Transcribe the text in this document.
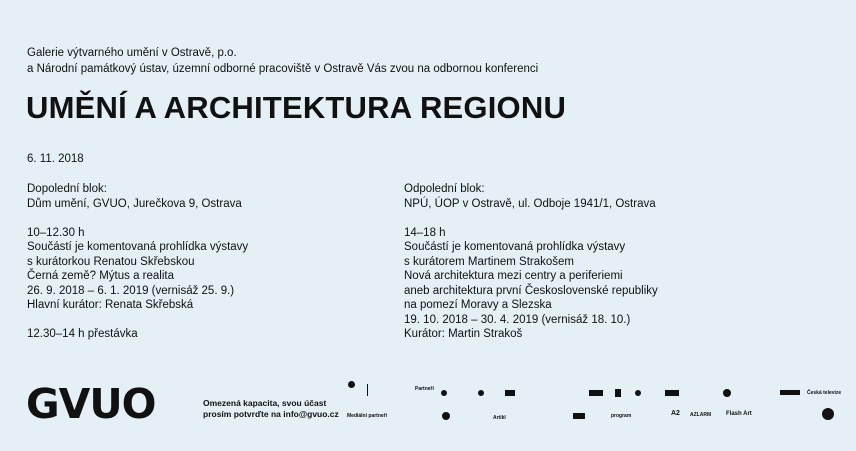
Galerie výtvarného umění v Ostravě, p.o.
a Národní památkový ústav, územní odborné pracoviště v Ostravě Vás zvou na odbornou konferenci
UMĚNÍ A ARCHITEKTURA REGIONU
6. 11. 2018
Dopolední blok:
Dům umění, GVUO, Jurečkova 9, Ostrava
10–12.30 h
Součástí je komentovaná prohlídka výstavy
s kurátorkou Renatou Skřebskou
Černá země? Mýtus a realita
26. 9. 2018 – 6. 1. 2019 (vernisáž 25. 9.)
Hlavní kurátor: Renata Skřebská
12.30–14 h přestávka
Odpolední blok:
NPÚ, ÚOP v Ostravě, ul. Odboje 1941/1, Ostrava
14–18 h
Součástí je komentovaná prohlídka výstavy
s kurátorem Martinem Strakošem
Nová architektura mezi centry a periferiemi
aneb architektura první Československé republiky
na pomezí Moravy a Slezska
19. 10. 2018 – 30. 4. 2019 (vernisáž 18. 10.)
Kurátor: Martin Strakoš
GVUO	Omezená kapacita, svou účast
prosím potvrďte na info@gvuo.cz
Partneři
Česká televize
Mediální partneři	Artikl	program	A2 AZLARM Flash Art
